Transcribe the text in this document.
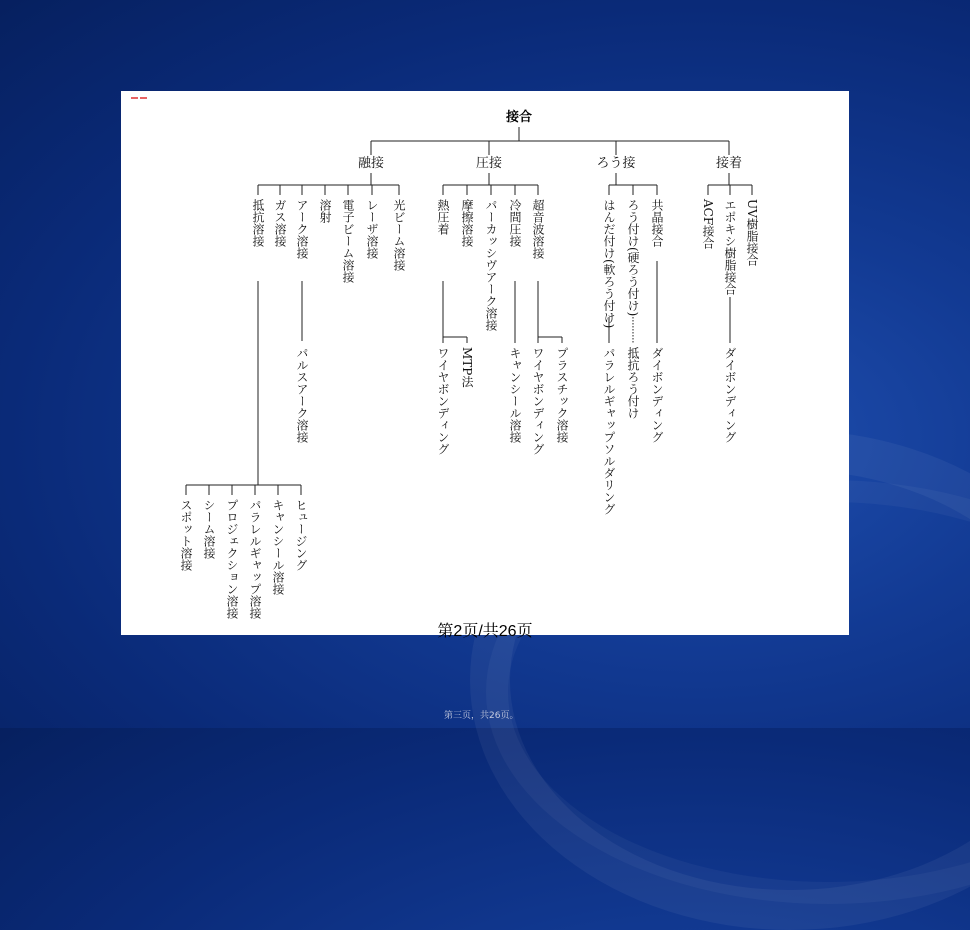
接合
融接	圧接	ろう接	接着
抵抗溶接 ガス溶接 アーク溶接 溶射 電子ビーム溶接 レーザ溶接 光ビーム溶接	熱圧着 摩擦溶接 パーカッシヴアーク溶接 冷間圧接 超音波溶接	はんだ付け(軟ろう付け) ろう付け(硬ろう付け) 共晶接合	ACF接合 エポキシ樹脂接合 UV樹脂接合
パルスアーク溶接
スポット溶接 シーム溶接 プロジェクション溶接 パラレルギャップ溶接 キャンシール溶接 ヒュージング
ワイヤボンディング MTP法	キャンシール溶接 ワイヤボンディング プラスチック溶接	パラレルギャップソルダリング 抵抗ろう付け ダイボンディング	ダイボンディング
第2页/共26页
第三页，共26页。
